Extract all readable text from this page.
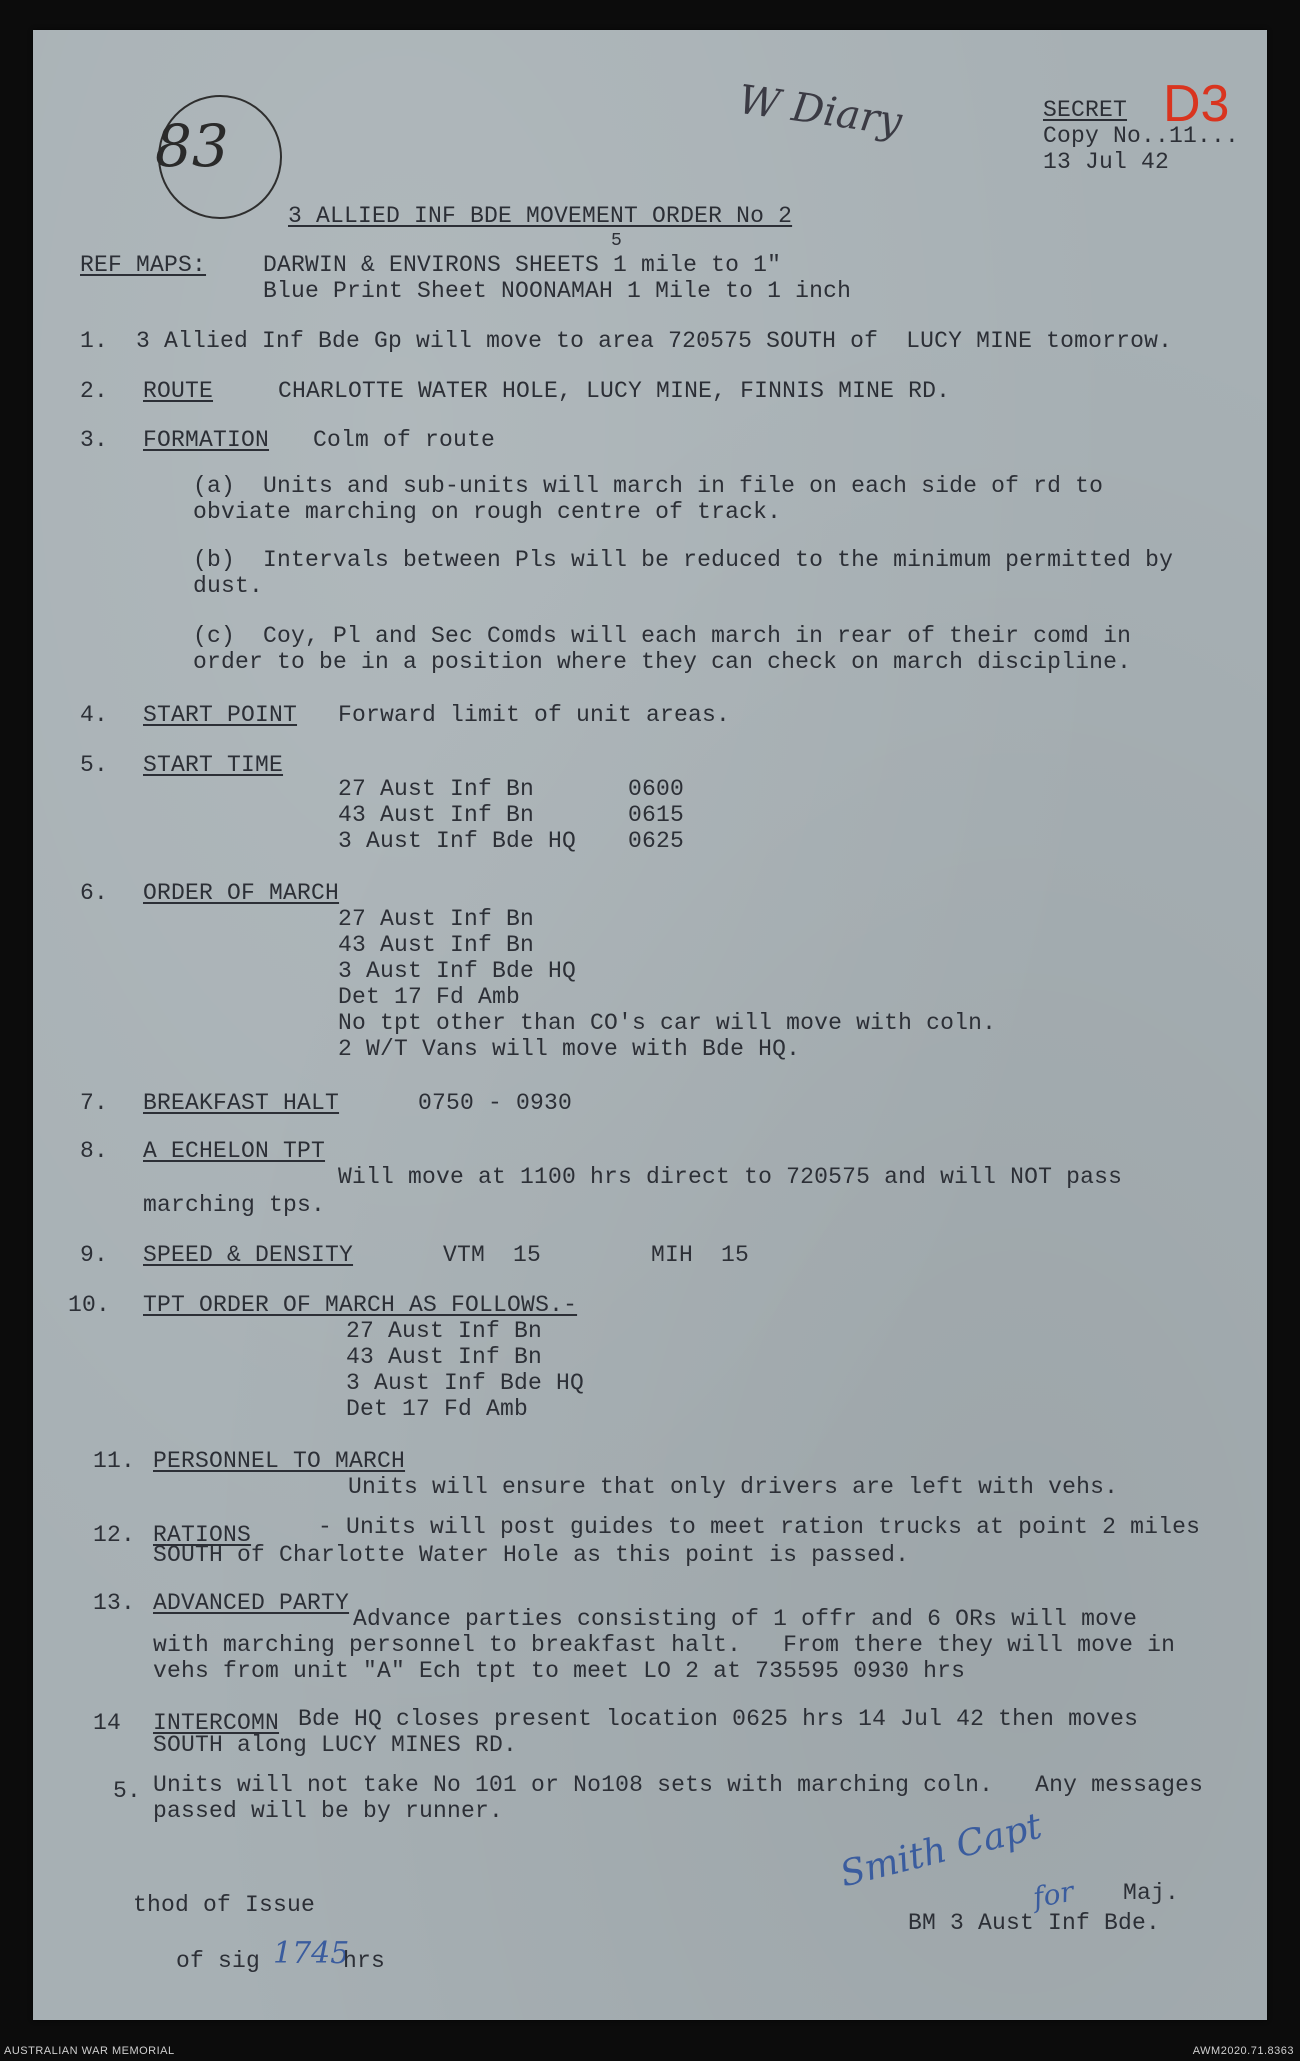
83
W Diary	D3
SECRET
Copy No..11...
13 Jul 42
3 ALLIED INF BDE MOVEMENT ORDER No 2
REF MAPS: DARWIN & ENVIRONS SHEETS 1 mile to 1"
5
Blue Print Sheet NOONAMAH 1 Mile to 1 inch
1.  3 Allied Inf Bde Gp will move to area 720575 SOUTH of  LUCY MINE tomorrow.
2. ROUTE	CHARLOTTE WATER HOLE, LUCY MINE, FINNIS MINE RD.
3. FORMATION Colm of route
(a)  Units and sub-units will march in file on each side of rd to
obviate marching on rough centre of track.
(b)  Intervals between Pls will be reduced to the minimum permitted by
dust.
(c)  Coy, Pl and Sec Comds will each march in rear of their comd in
order to be in a position where they can check on march discipline.
4. START POINT Forward limit of unit areas.
5. START TIME
27 Aust Inf Bn	0600
43 Aust Inf Bn	0615
3 Aust Inf Bde HQ 0625
6. ORDER OF MARCH
27 Aust Inf Bn
43 Aust Inf Bn
3 Aust Inf Bde HQ
Det 17 Fd Amb
No tpt other than CO's car will move with coln.
2 W/T Vans will move with Bde HQ.
7. BREAKFAST HALT	0750 - 0930
8. A ECHELON TPT
Will move at 1100 hrs direct to 720575 and will NOT pass
marching tps.
9. SPEED & DENSITY	VTM  15	MIH  15
10. TPT ORDER OF MARCH AS FOLLOWS.-
27 Aust Inf Bn
43 Aust Inf Bn
3 Aust Inf Bde HQ
Det 17 Fd Amb
11. PERSONNEL TO MARCH
Units will ensure that only drivers are left with vehs.
12. RATIONS	- Units will post guides to meet ration trucks at point 2 miles
SOUTH of Charlotte Water Hole as this point is passed.
13. ADVANCED PARTY
Advance parties consisting of 1 offr and 6 ORs will move
with marching personnel to breakfast halt.   From there they will move in
vehs from unit "A" Ech tpt to meet LO 2 at 735595 0930 hrs
14 INTERCOMN Bde HQ closes present location 0625 hrs 14 Jul 42 then moves
SOUTH along LUCY MINES RD.
5. Units will not take No 101 or No108 sets with marching coln.   Any messages
passed will be by runner.	Smith Capt
for Maj.
BM 3 Aust Inf Bde.
thod of Issue
of sig 1745
hrs
AUSTRALIAN WAR MEMORIAL	AWM2020.71.8363
